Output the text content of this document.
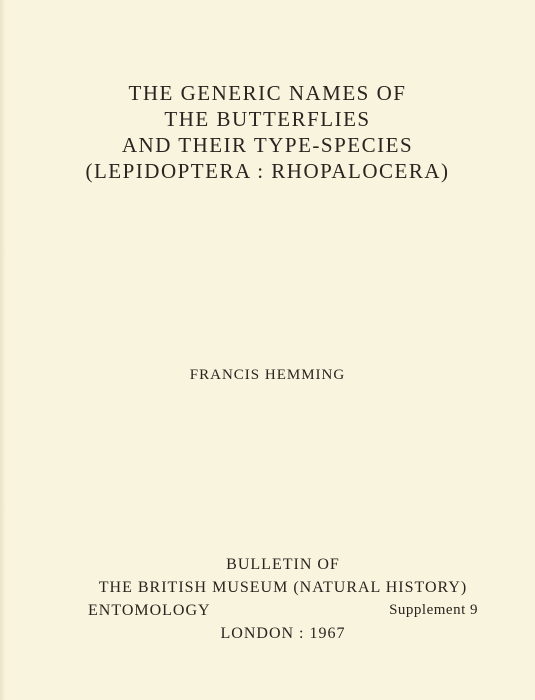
THE GENERIC NAMES OF
THE BUTTERFLIES
AND THEIR TYPE-SPECIES
(LEPIDOPTERA : RHOPALOCERA)
FRANCIS HEMMING
BULLETIN OF
THE BRITISH MUSEUM (NATURAL HISTORY)
ENTOMOLOGY	Supplement 9
LONDON : 1967
